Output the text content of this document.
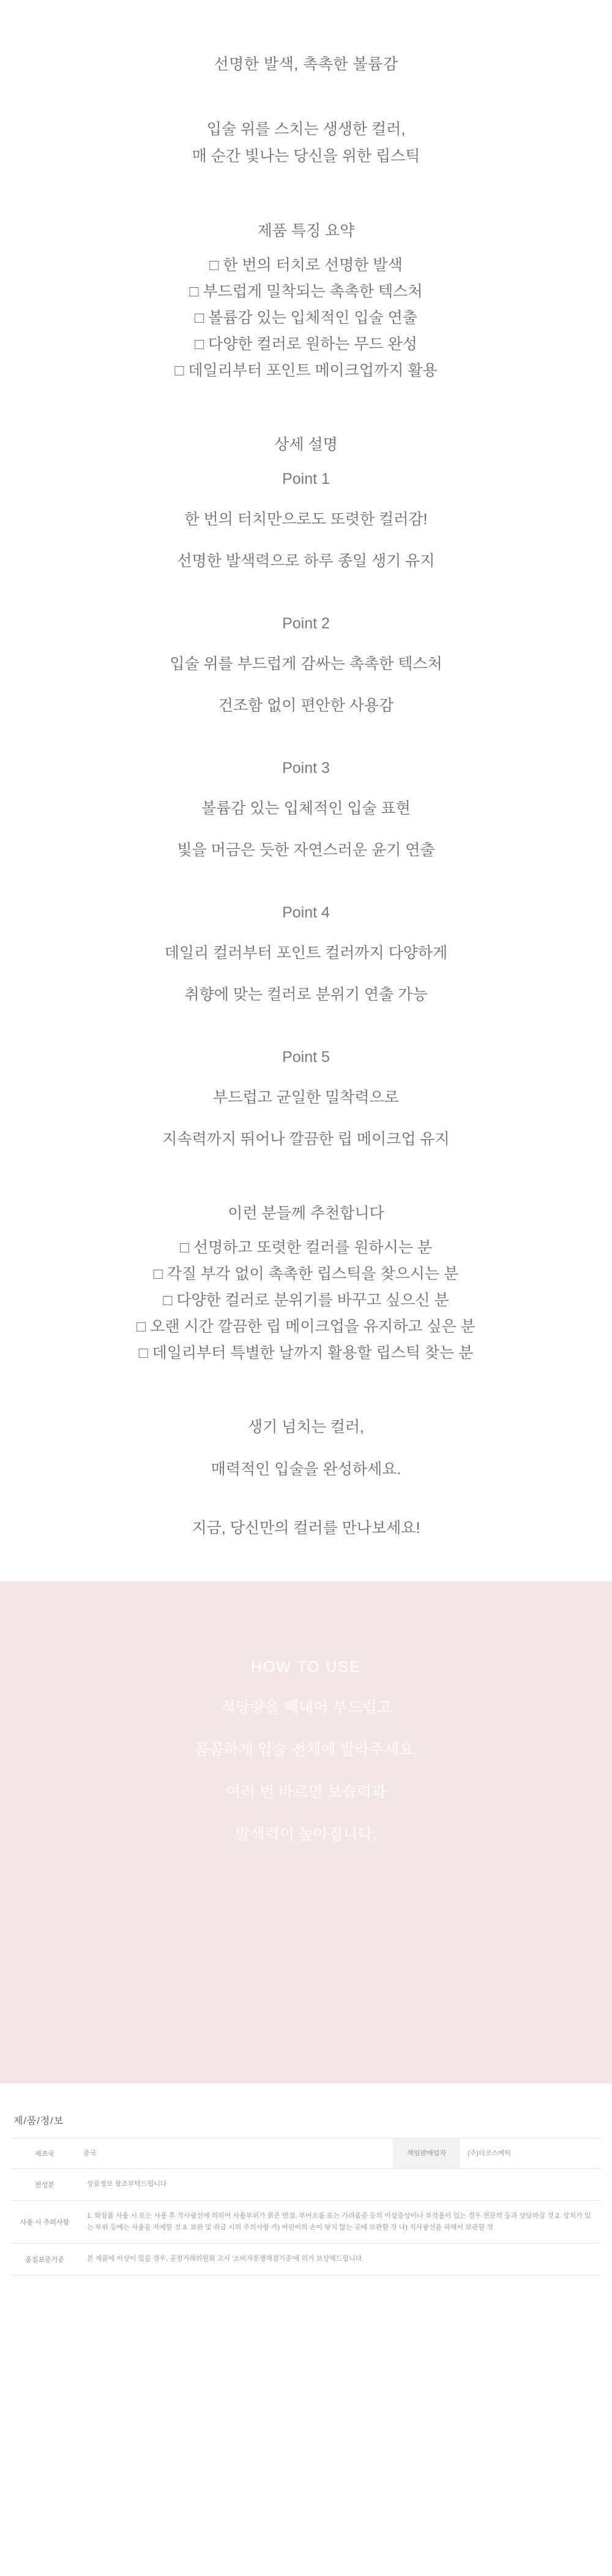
선명한 발색, 촉촉한 볼륨감

입술 위를 스치는 생생한 컬러,

매 순간 빛나는 당신을 위한 립스틱

제품 특징 요약

□ 한 번의 터치로 선명한 발색
□ 부드럽게 밀착되는 촉촉한 텍스처
□ 볼륨감 있는 입체적인 입술 연출
□ 다양한 컬러로 원하는 무드 완성
□ 데일리부터 포인트 메이크업까지 활용

상세 설명

Point 1

한 번의 터치만으로도 또렷한 컬러감!

선명한 발색력으로 하루 종일 생기 유지

Point 2

입술 위를 부드럽게 감싸는 촉촉한 텍스처

건조함 없이 편안한 사용감

Point 3

볼륨감 있는 입체적인 입술 표현

빛을 머금은 듯한 자연스러운 윤기 연출

Point 4

데일리 컬러부터 포인트 컬러까지 다양하게

취향에 맞는 컬러로 분위기 연출 가능

Point 5

부드럽고 균일한 밀착력으로

지속력까지 뛰어나 깔끔한 립 메이크업 유지

이런 분들께 추천합니다

□ 선명하고 또렷한 컬러를 원하시는 분
□ 각질 부각 없이 촉촉한 립스틱을 찾으시는 분
□ 다양한 컬러로 분위기를 바꾸고 싶으신 분
□ 오랜 시간 깔끔한 립 메이크업을 유지하고 싶은 분
□ 데일리부터 특별한 날까지 활용할 립스틱 찾는 분

생기 넘치는 컬러,

매력적인 입술을 완성하세요.

지금, 당신만의 컬러를 만나보세요!

HOW TO USE

적당량을 빼내어 부드럽고

꼼꼼하게 입술 전체에 발라주세요.

여러 번 바르면 보습력과

발색력이 높아집니다.

제/품/정/보

제조국	중국 책임판매업자 (주)더코스메틱

전성분	상품정보 참조부탁드립니다
사용 시 주의사항	1. 화장품 사용 시 또는 사용 후 직사광선에 의하여 사용부위가 붉은 반점, 부어오름 또는 가려움증 등의 이상증상이나 부작용이 있는 경우 전문의 등과 상담하실 것 2. 상처가 있는 부위 등에는 사용을 자제할 것 3. 보관 및 취급 시의 주의사항 가) 어린이의 손이 닿지 않는 곳에 보관할 것 나) 직사광선을 피해서 보관할 것
품질보증기준	본 제품에 이상이 있을 경우, 공정거래위원회 고시 '소비자분쟁해결기준'에 의거 보상해드립니다.
